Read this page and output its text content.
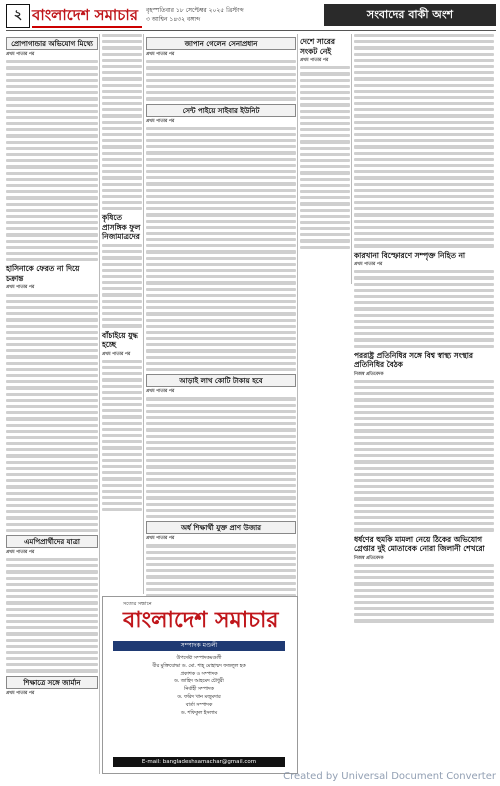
২ বাংলাদেশ সমাচার বৃহস্পতিবার ১৮ সেপ্টেম্বর ২০২৫ খ্রিস্টাব্দ
৩ আশ্বিন ১৪৩২ বঙ্গাব্দ	সংবাদের বাকী অংশ
প্রোপাগান্ডার অভিযোগ মিথ্যে
প্রথম পাতার পর
হাসিনাকে ফেরত না দিয়ে চক্রান্ত
প্রথম পাতার পর
এমপিপ্রার্থীদের যাত্রা
প্রথম পাতার পর
শিক্ষাত্রে সঙ্গে জার্মান
প্রথম পাতার পর
কৃষিতে প্রাসঙ্গিক ফুল নিজামাত্রদের
বাঁচাইয়ে যুদ্ধ হচ্ছে
প্রথম পাতার পর
জাপান গেলেন সেনাপ্রধান
প্রথম পাতার পর
সেন্ট পাইয়ে সাইবার ইউনিট
প্রথম পাতার পর
আড়াই লাখ কোটি টাকায় হবে
প্রথম পাতার পর
অর্ধ শিক্ষার্থী যুক্ত প্রাণ উজার
প্রথম পাতার পর
দেশে সারের সংকট নেই
প্রথম পাতার পর
কারখানা বিস্ফোরণে সম্পৃক্ত নিহিত না
প্রথম পাতার পর
পররাষ্ট্র প্রতিনিধির সঙ্গে বিশ্ব স্বাস্থ্য সংস্থার প্রতিনিধির বৈঠক
নিজস্ব প্রতিবেদক
ধর্ষণের হুমকি মামলা নেয়ে ঠিকের অভিযোগ গ্রেপ্তার দুই মোতাবেক নোরা জিলানী শেখরো
নিজস্ব প্রতিবেদক
সত্যের সন্ধানে
বাংলাদেশ সমাচার
সম্পাদক মণ্ডলী
উপদেষ্টা সম্পাদকমণ্ডলী
বীর মুক্তিযোদ্ধা ড. মো. শাহ্ মোহাম্মদ ফজলুল হক
প্রকাশক ও সম্পাদক
ড. জাহিদ আহমেদ চৌধুরী
নির্বাহী সম্পাদক
ড. ফরিদ খান মজুমদার
বার্তা সম্পাদক
ড. শফিকুল ইসলাম
E-mail: bangladeshsamachar@gmail.com
Created by Universal Document Converter
